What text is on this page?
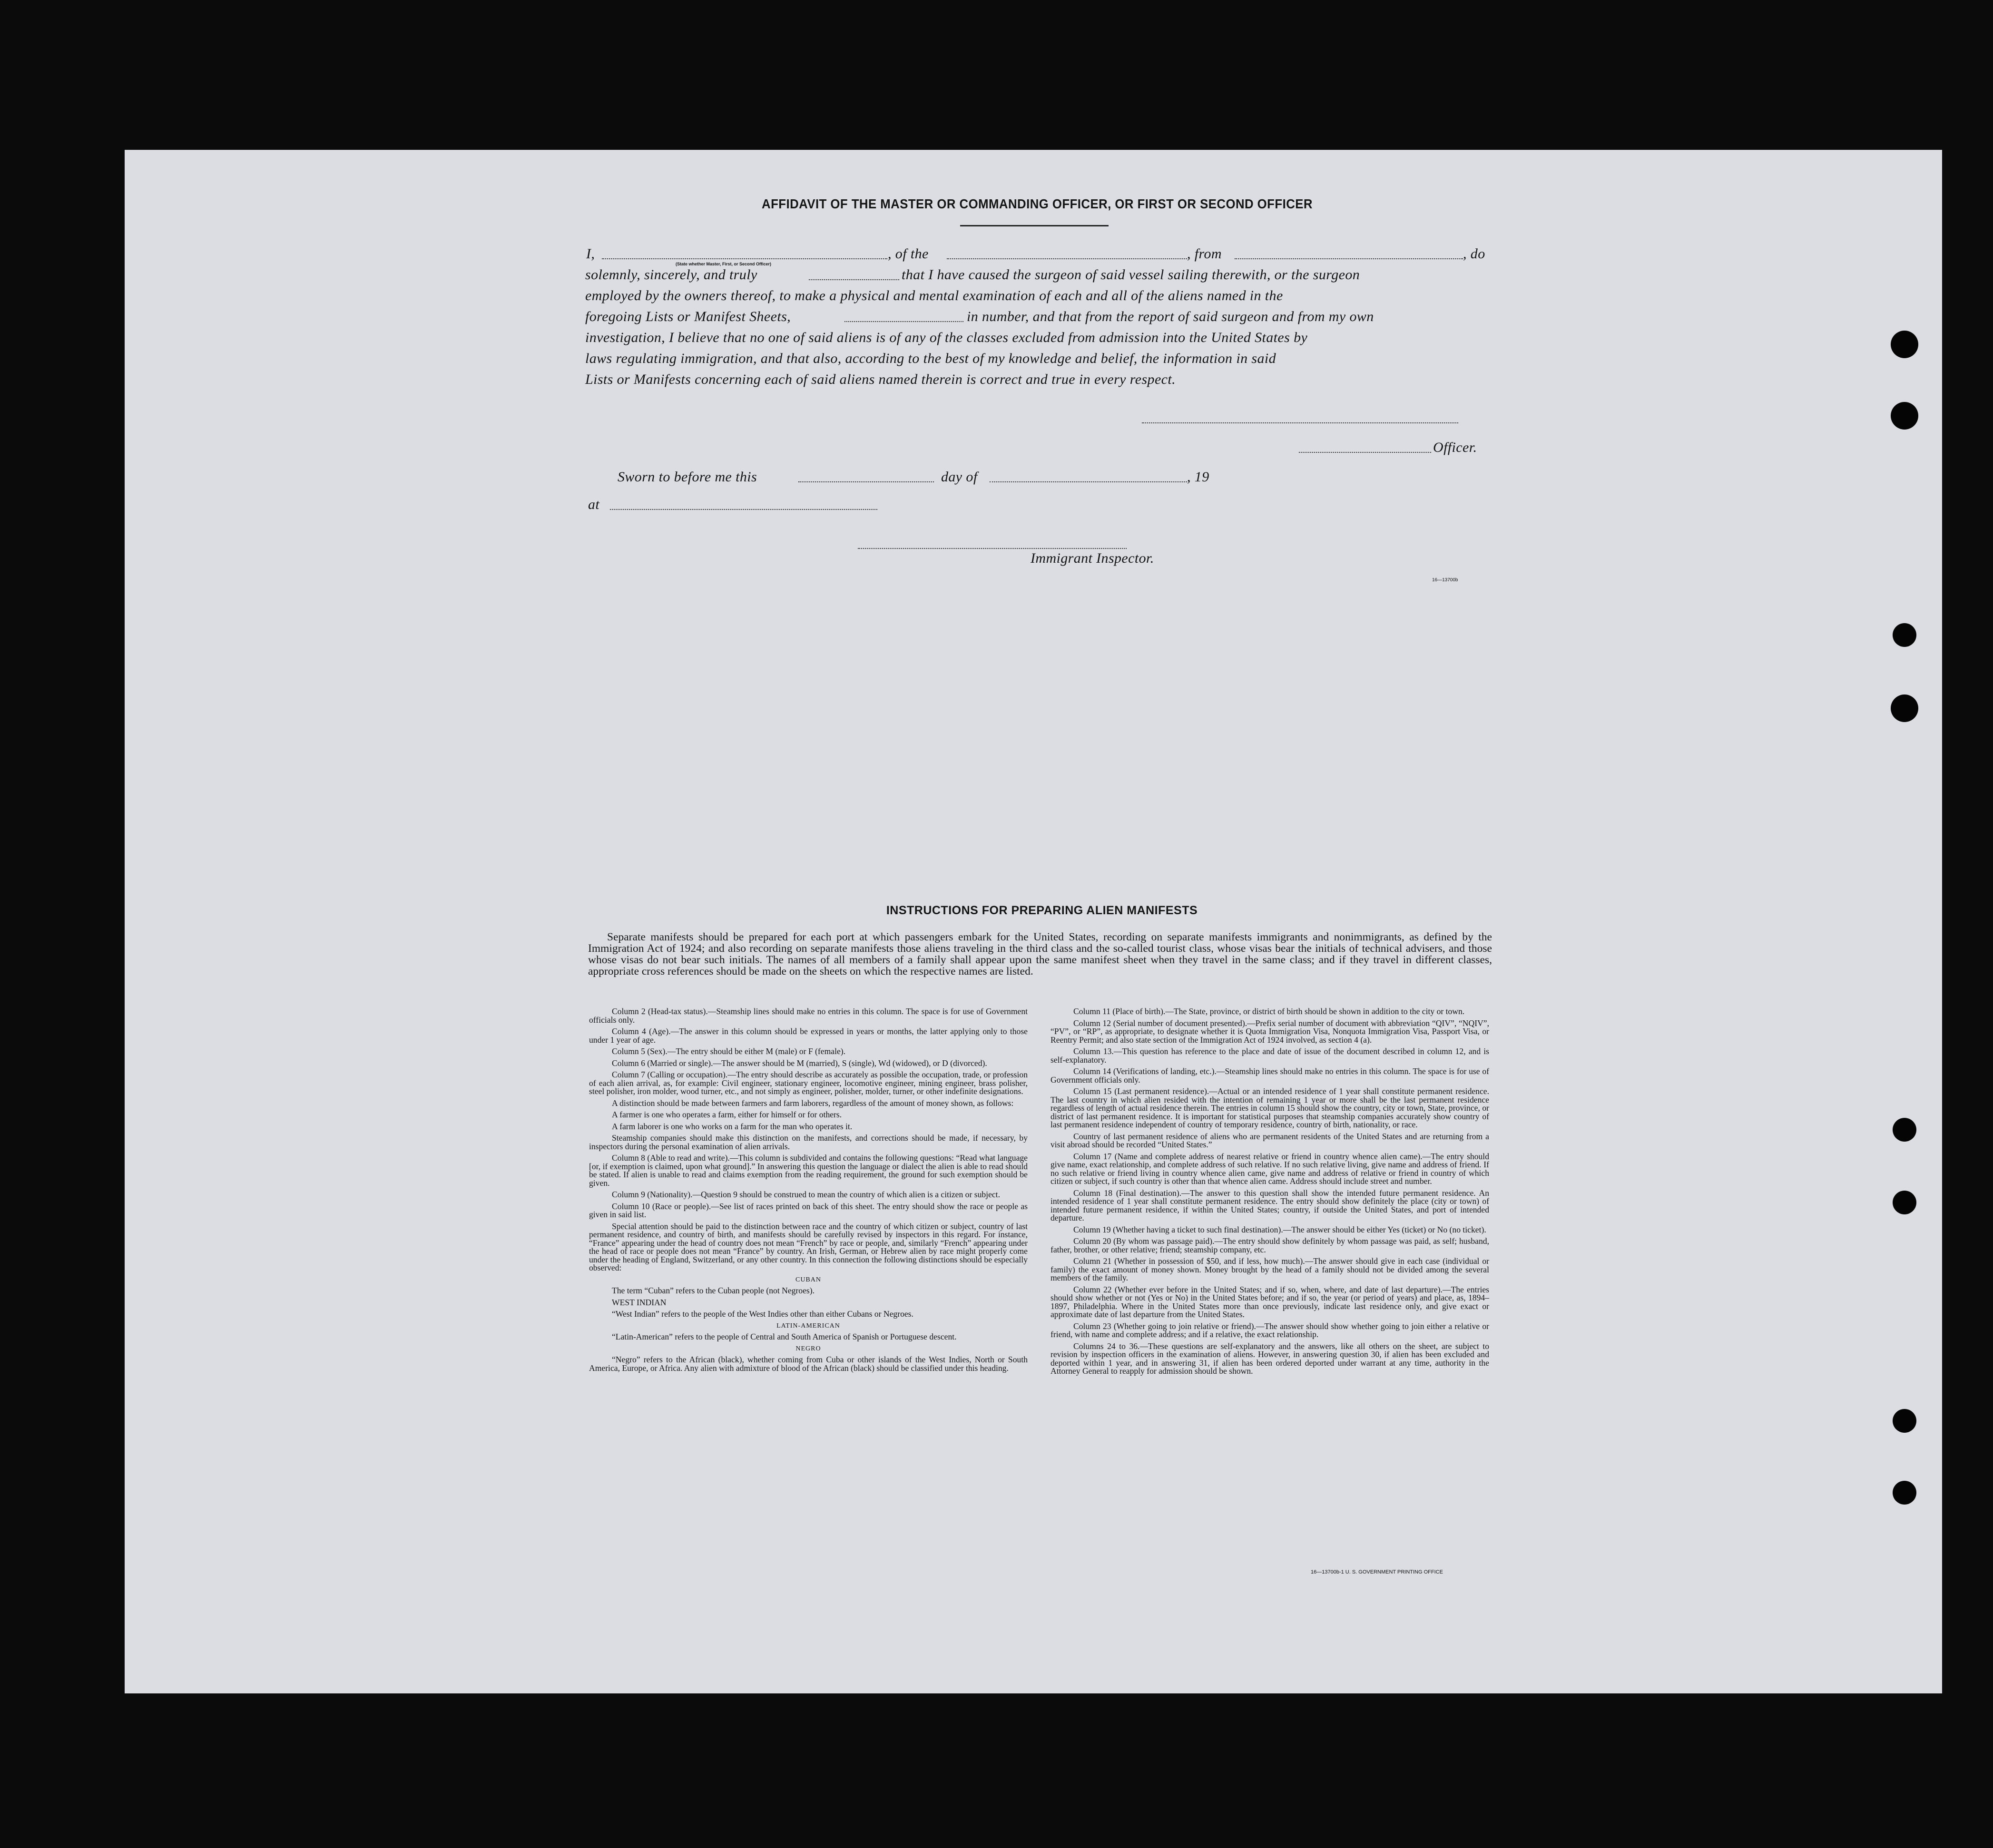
AFFIDAVIT OF THE MASTER OR COMMANDING OFFICER, OR FIRST OR SECOND OFFICER
I,
(State whether Master, First, or Second Officer)
, of the	, from	, do
solemnly, sincerely, and truly	that I have caused the surgeon of said vessel sailing therewith, or the surgeon
employed by the owners thereof, to make a physical and mental examination of each and all of the aliens named in the
foregoing Lists or Manifest Sheets,	in number, and that from the report of said surgeon and from my own
investigation, I believe that no one of said aliens is of any of the classes excluded from admission into the United States by
laws regulating immigration, and that also, according to the best of my knowledge and belief, the information in said
Lists or Manifests concerning each of said aliens named therein is correct and true in every respect.
Officer.
Sworn to before me this	day of	, 19
at
Immigrant Inspector.
16—13700b
INSTRUCTIONS FOR PREPARING ALIEN MANIFESTS
Separate manifests should be prepared for each port at which passengers embark for the United States, recording on separate manifests immigrants and nonimmigrants, as defined by the Immigration Act of 1924; and also recording on separate manifests those aliens traveling in the third class and the so-called tourist class, whose visas bear the initials of technical advisers, and those whose visas do not bear such initials. The names of all members of a family shall appear upon the same manifest sheet when they travel in the same class; and if they travel in different classes, appropriate cross references should be made on the sheets on which the respective names are listed.

Column 2 (Head-tax status).—Steamship lines should make no entries in this column. The space is for use of Government officials only.

Column 4 (Age).—The answer in this column should be expressed in years or months, the latter applying only to those under 1 year of age.

Column 5 (Sex).—The entry should be either M (male) or F (female).

Column 6 (Married or single).—The answer should be M (married), S (single), Wd (widowed), or D (divorced).

Column 7 (Calling or occupation).—The entry should describe as accurately as possible the occupation, trade, or profession of each alien arrival, as, for example: Civil engineer, stationary engineer, locomotive engineer, mining engineer, brass polisher, steel polisher, iron molder, wood turner, etc., and not simply as engineer, polisher, molder, turner, or other indefinite designations.

A distinction should be made between farmers and farm laborers, regardless of the amount of money shown, as follows:

A farmer is one who operates a farm, either for himself or for others.

A farm laborer is one who works on a farm for the man who operates it.

Steamship companies should make this distinction on the manifests, and corrections should be made, if necessary, by inspectors during the personal examination of alien arrivals.

Column 8 (Able to read and write).—This column is subdivided and contains the following questions: “Read what language [or, if exemption is claimed, upon what ground].” In answering this question the language or dialect the alien is able to read should be stated. If alien is unable to read and claims exemption from the reading requirement, the ground for such exemption should be given.

Column 9 (Nationality).—Question 9 should be construed to mean the country of which alien is a citizen or subject.

Column 10 (Race or people).—See list of races printed on back of this sheet. The entry should show the race or people as given in said list.

Special attention should be paid to the distinction between race and the country of which citizen or subject, country of last permanent residence, and country of birth, and manifests should be carefully revised by inspectors in this regard. For instance, “France” appearing under the head of country does not mean “French” by race or people, and, similarly “French” appearing under the head of race or people does not mean “France” by country. An Irish, German, or Hebrew alien by race might properly come under the heading of England, Switzerland, or any other country. In this connection the following distinctions should be especially observed:

CUBAN

The term “Cuban” refers to the Cuban people (not Negroes).

WEST INDIAN

“West Indian” refers to the people of the West Indies other than either Cubans or Negroes.

LATIN-AMERICAN

“Latin-American” refers to the people of Central and South America of Spanish or Portuguese descent.

NEGRO

“Negro” refers to the African (black), whether coming from Cuba or other islands of the West Indies, North or South America, Europe, or Africa. Any alien with admixture of blood of the African (black) should be classified under this heading.

Column 11 (Place of birth).—The State, province, or district of birth should be shown in addition to the city or town.

Column 12 (Serial number of document presented).—Prefix serial number of document with abbreviation “QIV”, “NQIV”, “PV”, or “RP”, as appropriate, to designate whether it is Quota Immigration Visa, Nonquota Immigration Visa, Passport Visa, or Reentry Permit; and also state section of the Immigration Act of 1924 involved, as section 4 (a).

Column 13.—This question has reference to the place and date of issue of the document described in column 12, and is self-explanatory.

Column 14 (Verifications of landing, etc.).—Steamship lines should make no entries in this column. The space is for use of Government officials only.

Column 15 (Last permanent residence).—Actual or an intended residence of 1 year shall constitute permanent residence. The last country in which alien resided with the intention of remaining 1 year or more shall be the last permanent residence regardless of length of actual residence therein. The entries in column 15 should show the country, city or town, State, province, or district of last permanent residence. It is important for statistical purposes that steamship companies accurately show country of last permanent residence independent of country of temporary residence, country of birth, nationality, or race.

Country of last permanent residence of aliens who are permanent residents of the United States and are returning from a visit abroad should be recorded “United States.”

Column 17 (Name and complete address of nearest relative or friend in country whence alien came).—The entry should give name, exact relationship, and complete address of such relative. If no such relative living, give name and address of friend. If no such relative or friend living in country whence alien came, give name and address of relative or friend in country of which citizen or subject, if such country is other than that whence alien came. Address should include street and number.

Column 18 (Final destination).—The answer to this question shall show the intended future permanent residence. An intended residence of 1 year shall constitute permanent residence. The entry should show definitely the place (city or town) of intended future permanent residence, if within the United States; country, if outside the United States, and port of intended departure.

Column 19 (Whether having a ticket to such final destination).—The answer should be either Yes (ticket) or No (no ticket).

Column 20 (By whom was passage paid).—The entry should show definitely by whom passage was paid, as self; husband, father, brother, or other relative; friend; steamship company, etc.

Column 21 (Whether in possession of $50, and if less, how much).—The answer should give in each case (individual or family) the exact amount of money shown. Money brought by the head of a family should not be divided among the several members of the family.

Column 22 (Whether ever before in the United States; and if so, when, where, and date of last departure).—The entries should show whether or not (Yes or No) in the United States before; and if so, the year (or period of years) and place, as, 1894–1897, Philadelphia. Where in the United States more than once previously, indicate last residence only, and give exact or approximate date of last departure from the United States.

Column 23 (Whether going to join relative or friend).—The answer should show whether going to join either a relative or friend, with name and complete address; and if a relative, the exact relationship.

Columns 24 to 36.—These questions are self-explanatory and the answers, like all others on the sheet, are subject to revision by inspection officers in the examination of aliens. However, in answering question 30, if alien has been excluded and deported within 1 year, and in answering 31, if alien has been ordered deported under warrant at any time, authority in the Attorney General to reapply for admission should be shown.

16—13700b-1 U. S. GOVERNMENT PRINTING OFFICE
